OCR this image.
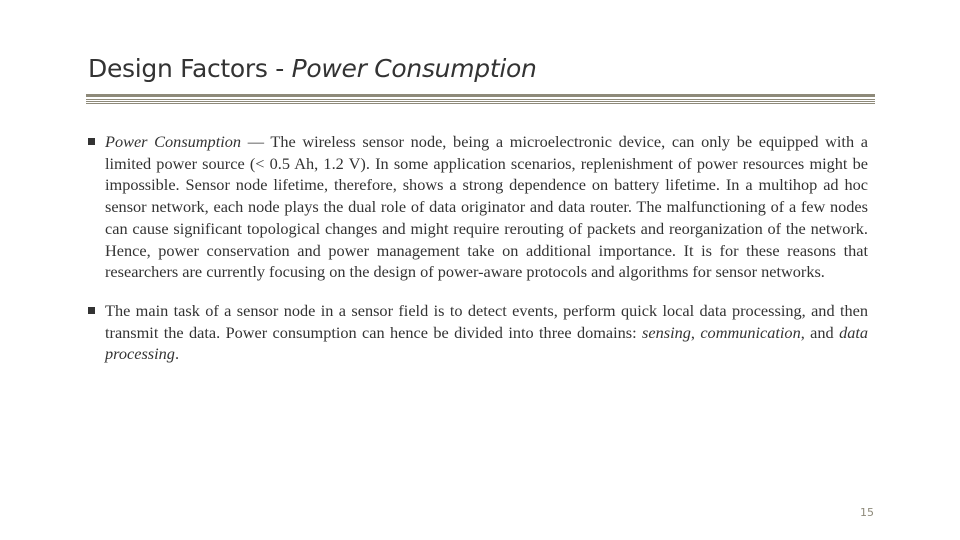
Design Factors - Power Consumption
Power Consumption — The wireless sensor node, being a microelectronic device, can only be equipped with a limited power source (< 0.5 Ah, 1.2 V). In some application scenarios, replenishment of power resources might be impossible. Sensor node lifetime, therefore, shows a strong dependence on battery lifetime. In a multihop ad hoc sensor network, each node plays the dual role of data originator and data router. The malfunctioning of a few nodes can cause significant topological changes and might require rerouting of packets and reorganization of the network. Hence, power conservation and power management take on additional importance. It is for these reasons that researchers are currently focusing on the design of power-aware protocols and algorithms for sensor networks.
The main task of a sensor node in a sensor field is to detect events, perform quick local data processing, and then transmit the data. Power consumption can hence be divided into three domains: sensing, communication, and data processing.
15
